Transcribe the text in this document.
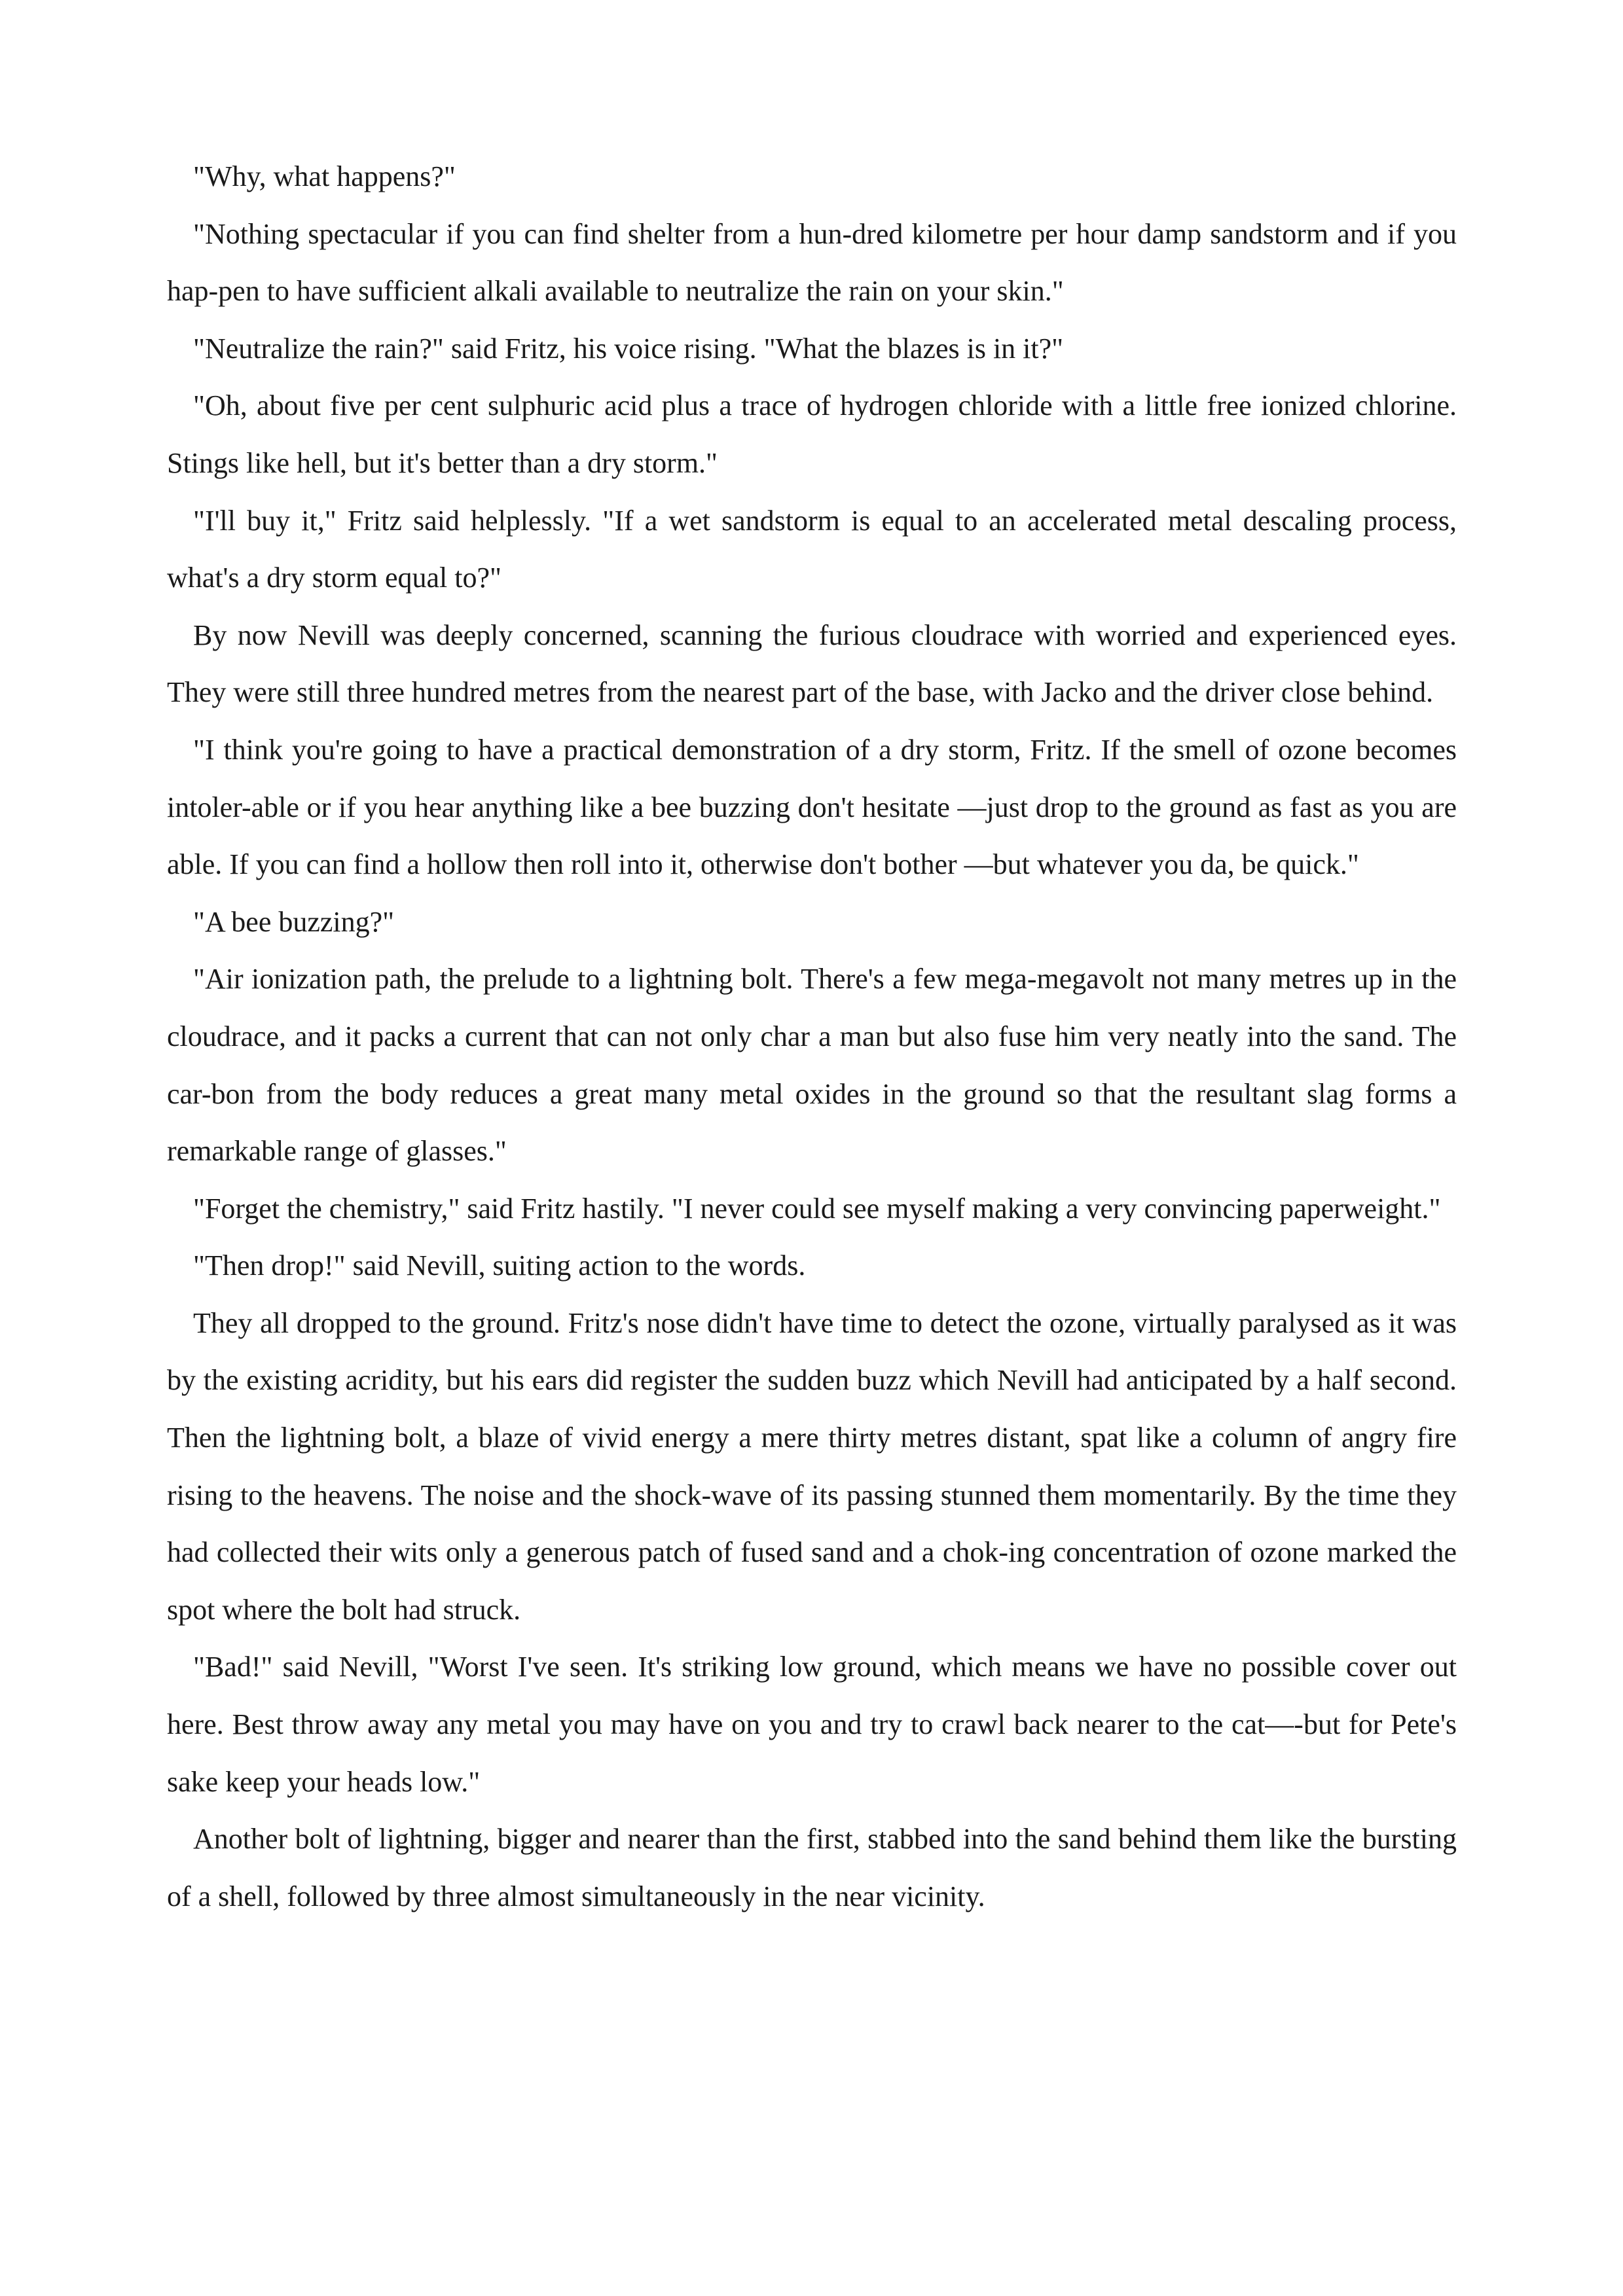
"Why, what happens?"

"Nothing spectacular if you can find shelter from a hun-dred kilometre per hour damp sandstorm and if you hap-pen to have sufficient alkali available to neutralize the rain on your skin."

"Neutralize the rain?" said Fritz, his voice rising. "What the blazes is in it?"

"Oh, about five per cent sulphuric acid plus a trace of hydrogen chloride with a little free ionized chlorine. Stings like hell, but it's better than a dry storm."

"I'll buy it," Fritz said helplessly. "If a wet sandstorm is equal to an accelerated metal descaling process, what's a dry storm equal to?"

By now Nevill was deeply concerned, scanning the furious cloudrace with worried and experienced eyes. They were still three hundred metres from the nearest part of the base, with Jacko and the driver close behind.

"I think you're going to have a practical demonstration of a dry storm, Fritz. If the smell of ozone becomes intoler-able or if you hear anything like a bee buzzing don't hesitate —just drop to the ground as fast as you are able. If you can find a hollow then roll into it, otherwise don't bother —but whatever you da, be quick."

"A bee buzzing?"

"Air ionization path, the prelude to a lightning bolt. There's a few mega-megavolt not many metres up in the cloudrace, and it packs a current that can not only char a man but also fuse him very neatly into the sand. The car-bon from the body reduces a great many metal oxides in the ground so that the resultant slag forms a remarkable range of glasses."

"Forget the chemistry," said Fritz hastily. "I never could see myself making a very convincing paperweight."

"Then drop!" said Nevill, suiting action to the words.

They all dropped to the ground. Fritz's nose didn't have time to detect the ozone, virtually paralysed as it was by the existing acridity, but his ears did register the sudden buzz which Nevill had anticipated by a half second. Then the lightning bolt, a blaze of vivid energy a mere thirty metres distant, spat like a column of angry fire rising to the heavens. The noise and the shock-wave of its passing stunned them momentarily. By the time they had collected their wits only a generous patch of fused sand and a chok-ing concentration of ozone marked the spot where the bolt had struck.

"Bad!" said Nevill, "Worst I've seen. It's striking low ground, which means we have no possible cover out here. Best throw away any metal you may have on you and try to crawl back nearer to the cat—-but for Pete's sake keep your heads low."

Another bolt of lightning, bigger and nearer than the first, stabbed into the sand behind them like the bursting of a shell, followed by three almost simultaneously in the near vicinity.
